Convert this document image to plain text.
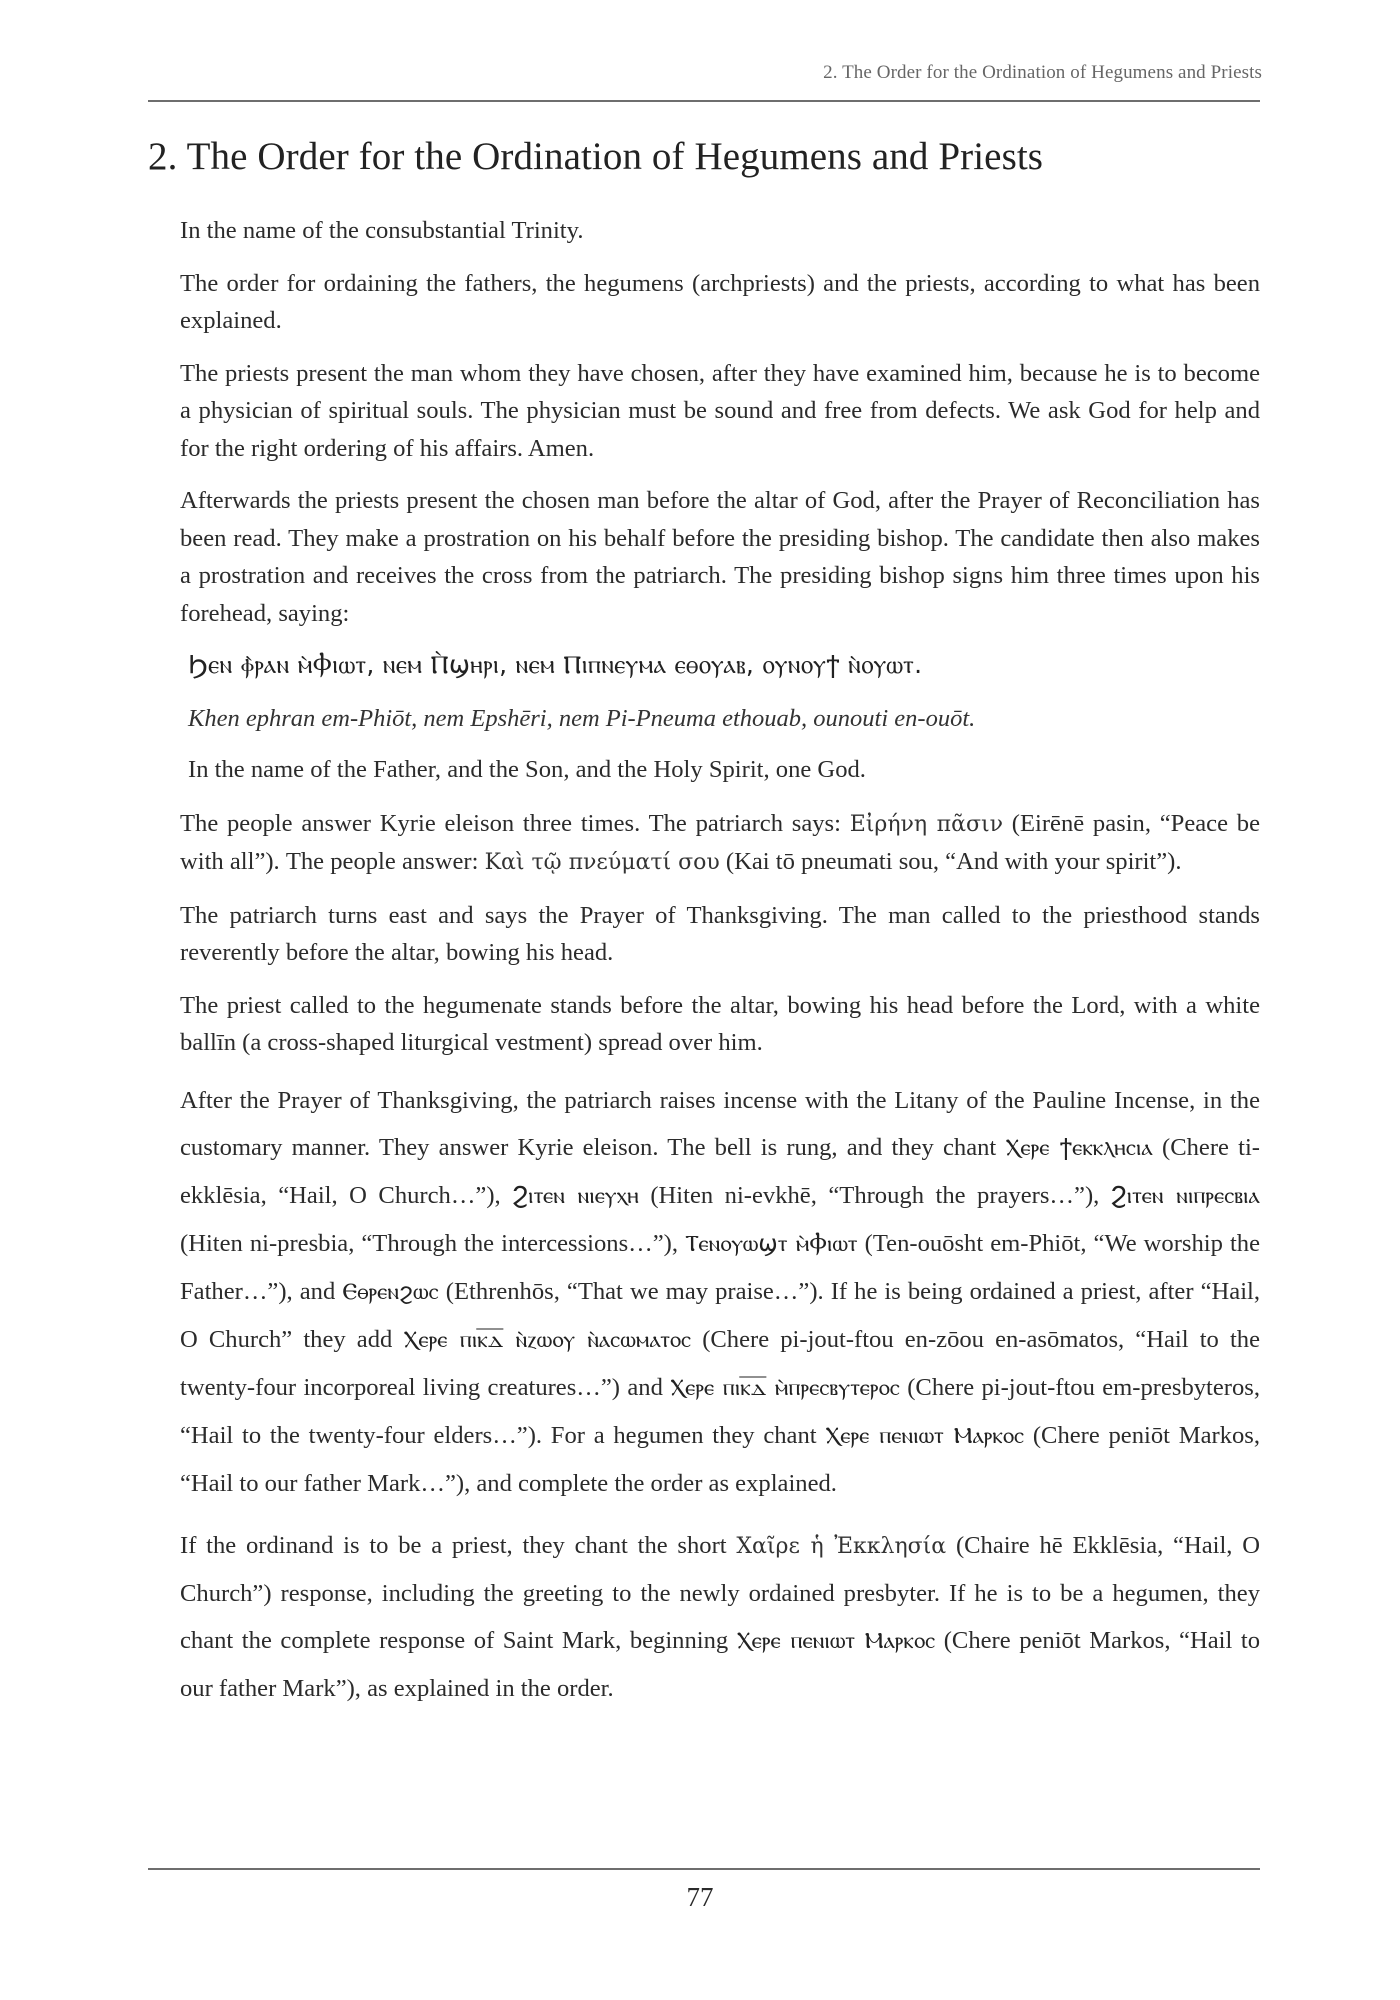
2. The Order for the Ordination of Hegumens and Priests
2. The Order for the Ordination of Hegumens and Priests

In the name of the consubstantial Trinity.

The order for ordaining the fathers, the hegumens (archpriests) and the priests, according to what has been explained.

The priests present the man whom they have chosen, after they have examined him, because he is to become a physician of spiritual souls. The physician must be sound and free from defects. We ask God for help and for the right ordering of his affairs. Amen.

Afterwards the priests present the chosen man before the altar of God, after the Prayer of Reconciliation has been read. They make a prostration on his behalf before the presiding bishop. The candidate then also makes a prostration and receives the cross from the patriarch. The presiding bishop signs him three times upon his forehead, saying:

Ϧⲉⲛ ⲫ̀ⲣⲁⲛ ⲙ̀Ⲫⲓⲱⲧ, ⲛⲉⲙ Ⲡ̀ϣⲏⲣⲓ, ⲛⲉⲙ Ⲡⲓⲡⲛⲉⲩⲙⲁ ⲉⲑⲟⲩⲁⲃ, ⲟⲩⲛⲟⲩϯ ⲛ̀ⲟⲩⲱⲧ.
Khen ephran em-Phiōt, nem Epshēri, nem Pi-Pneuma ethouab, ounouti en-ouōt.

In the name of the Father, and the Son, and the Holy Spirit, one God.

The people answer Kyrie eleison three times. The patriarch says: Εἰρήνη πᾶσιν (Eirēnē pasin, “Peace be with all”). The people answer: Καὶ τῷ πνεύματί σου (Kai tō pneumati sou, “And with your spirit”).

The patriarch turns east and says the Prayer of Thanksgiving. The man called to the priesthood stands reverently before the altar, bowing his head.

The priest called to the hegumenate stands before the altar, bowing his head before the Lord, with a white ballīn (a cross-shaped liturgical vestment) spread over him.

After the Prayer of Thanksgiving, the patriarch raises incense with the Litany of the Pauline Incense, in the customary manner. They answer Kyrie eleison. The bell is rung, and they chant Ⲭⲉⲣⲉ ϯⲉⲕⲕⲗⲏⲥⲓⲁ (Chere ti-ekklēsia, “Hail, O Church…”), Ϩⲓⲧⲉⲛ ⲛⲓⲉⲩⲭⲏ (Hiten ni-evkhē, “Through the prayers…”), Ϩⲓⲧⲉⲛ ⲛⲓⲡⲣⲉⲥⲃⲓⲁ (Hiten ni-presbia, “Through the intercessions…”), Ⲧⲉⲛⲟⲩⲱϣⲧ ⲙ̀Ⲫⲓⲱⲧ (Ten-ouōsht em-Phiōt, “We worship the Father…”), and Ⲉⲑⲣⲉⲛϩⲱⲥ (Ethrenhōs, “That we may praise…”). If he is being ordained a priest, after “Hail, O Church” they add Ⲭⲉⲣⲉ ⲡⲓⲕ̅ⲇ̅ ⲛ̀ⲍⲱⲟⲩ ⲛ̀ⲁⲥⲱⲙⲁⲧⲟⲥ (Chere pi-jout-ftou en-zōou en-asōmatos, “Hail to the twenty-four incorporeal living creatures…”) and Ⲭⲉⲣⲉ ⲡⲓⲕ̅ⲇ̅ ⲙ̀ⲡⲣⲉⲥⲃⲩⲧⲉⲣⲟⲥ (Chere pi-jout-ftou em-presbyteros, “Hail to the twenty-four elders…”). For a hegumen they chant Ⲭⲉⲣⲉ ⲡⲉⲛⲓⲱⲧ Ⲙⲁⲣⲕⲟⲥ (Chere peniōt Markos, “Hail to our father Mark…”), and complete the order as explained.

If the ordinand is to be a priest, they chant the short Χαῖρε ἡ Ἐκκλησία (Chaire hē Ekklēsia, “Hail, O Church”) response, including the greeting to the newly ordained presbyter. If he is to be a hegumen, they chant the complete response of Saint Mark, beginning Ⲭⲉⲣⲉ ⲡⲉⲛⲓⲱⲧ Ⲙⲁⲣⲕⲟⲥ (Chere peniōt Markos, “Hail to our father Mark”), as explained in the order.

77
